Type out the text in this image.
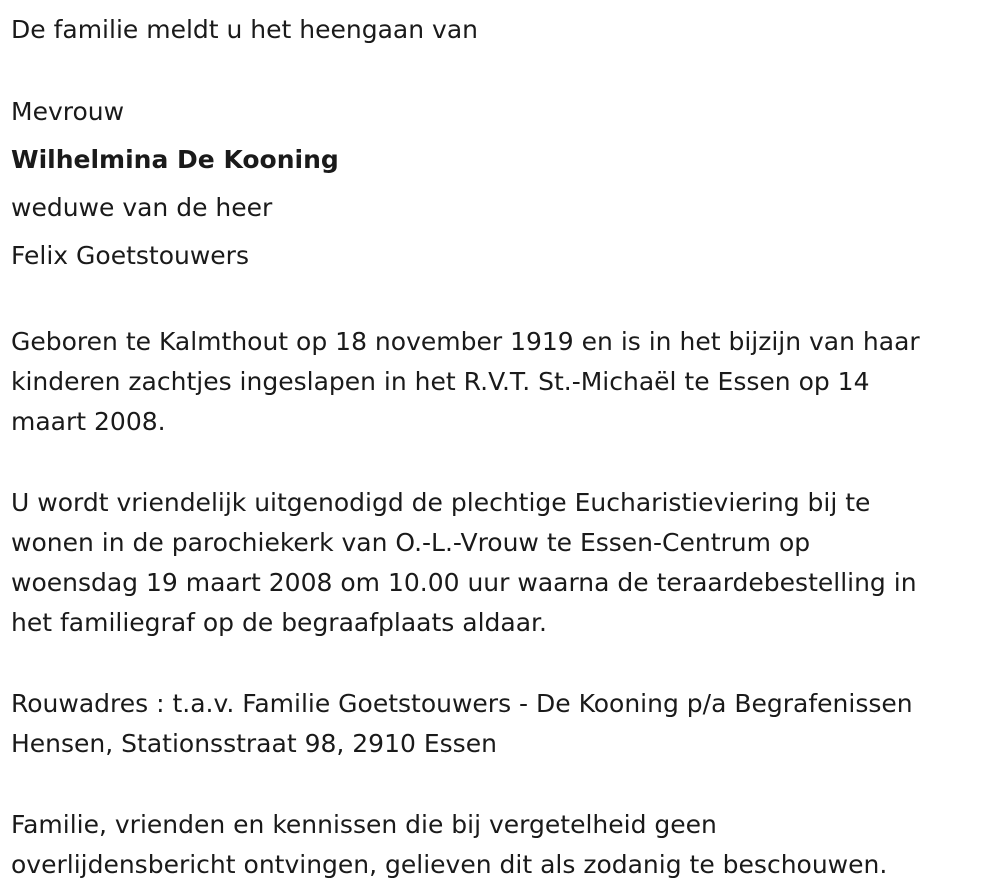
De familie meldt u het heengaan van

Mevrouw

Wilhelmina De Kooning

weduwe van de heer

Felix Goetstouwers

Geboren te Kalmthout op 18 november 1919 en is in het bijzijn van haar

kinderen zachtjes ingeslapen in het R.V.T. St.-Michaël te Essen op 14

maart 2008.

U wordt vriendelijk uitgenodigd de plechtige Eucharistieviering bij te

wonen in de parochiekerk van O.-L.-Vrouw te Essen-Centrum op

woensdag 19 maart 2008 om 10.00 uur waarna de teraardebestelling in

het familiegraf op de begraafplaats aldaar.

Rouwadres : t.a.v. Familie Goetstouwers - De Kooning p/a Begrafenissen

Hensen, Stationsstraat 98, 2910 Essen

Familie, vrienden en kennissen die bij vergetelheid geen

overlijdensbericht ontvingen, gelieven dit als zodanig te beschouwen.
